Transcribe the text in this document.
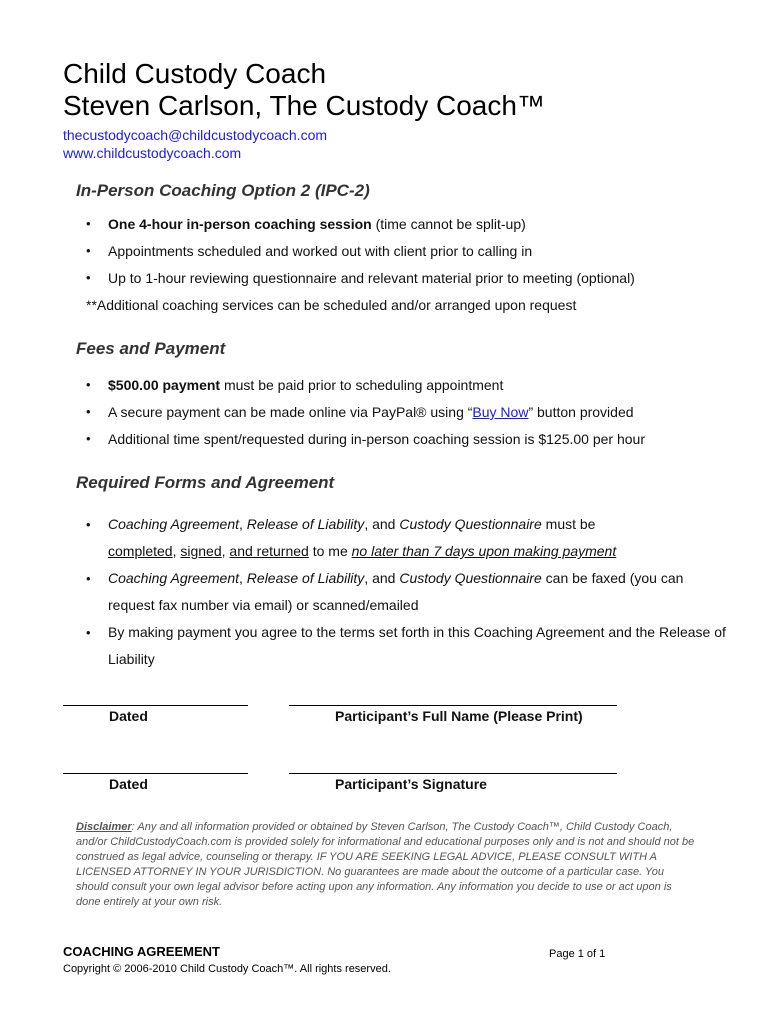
Child Custody Coach
Steven Carlson, The Custody Coach™

thecustodycoach@childcustodycoach.com

www.childcustodycoach.com

In-Person Coaching Option 2 (IPC-2)
• One 4-hour in-person coaching session (time cannot be split-up)
• Appointments scheduled and worked out with client prior to calling in
• Up to 1-hour reviewing questionnaire and relevant material prior to meeting (optional)

**Additional coaching services can be scheduled and/or arranged upon request

Fees and Payment
• $500.00 payment must be paid prior to scheduling appointment
• A secure payment can be made online via PayPal® using “Buy Now” button provided
• Additional time spent/requested during in-person coaching session is $125.00 per hour
Required Forms and Agreement
• Coaching Agreement, Release of Liability, and Custody Questionnaire must be
completed, signed, and returned to me no later than 7 days upon making payment
• Coaching Agreement, Release of Liability, and Custody Questionnaire can be faxed (you can request fax number via email) or scanned/emailed
• By making payment you agree to the terms set forth in this Coaching Agreement and the Release of Liability
Dated	Participant’s Full Name (Please Print)
Dated	Participant’s Signature

Disclaimer: Any and all information provided or obtained by Steven Carlson, The Custody Coach™, Child Custody Coach, and/or ChildCustodyCoach.com is provided solely for informational and educational purposes only and is not and should not be construed as legal advice, counseling or therapy. IF YOU ARE SEEKING LEGAL ADVICE, PLEASE CONSULT WITH A LICENSED ATTORNEY IN YOUR JURISDICTION. No guarantees are made about the outcome of a particular case. You should consult your own legal advisor before acting upon any information. Any information you decide to use or act upon is done entirely at your own risk.

COACHING AGREEMENT

Copyright © 2006-2010 Child Custody Coach™. All rights reserved.

Page 1 of 1
